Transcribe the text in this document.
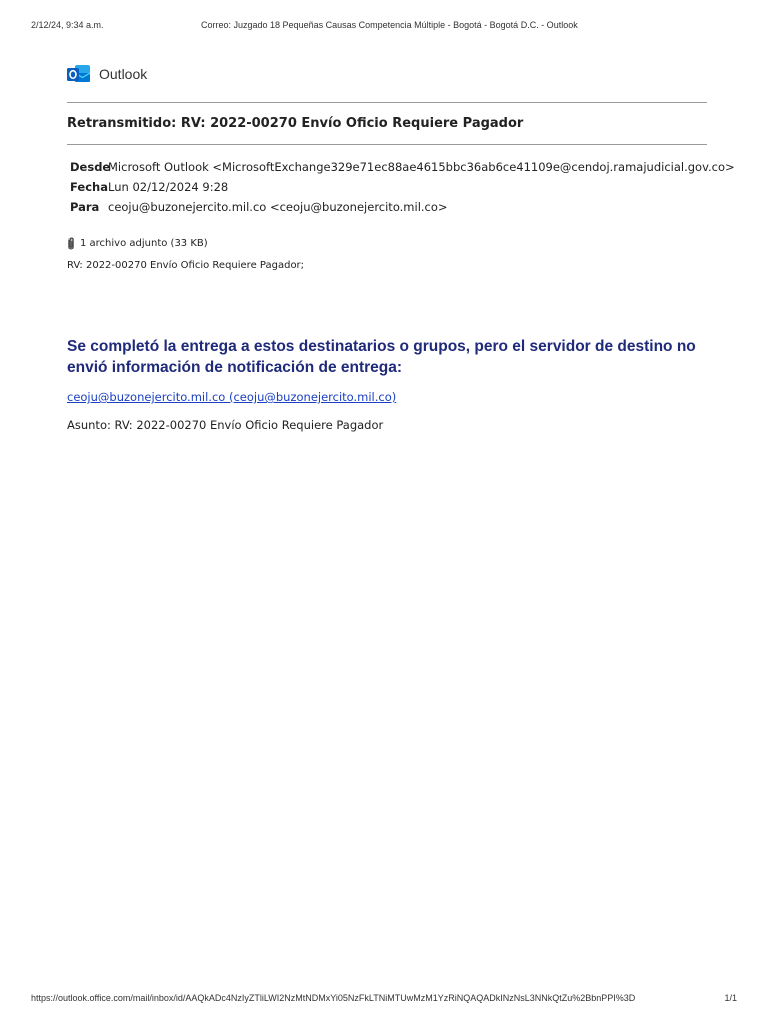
2/12/24, 9:34 a.m.	Correo: Juzgado 18 Pequeñas Causas Competencia Múltiple - Bogotá - Bogotá D.C. - Outlook
Outlook
Retransmitido: RV: 2022-00270 Envío Oficio Requiere Pagador
Desde
Microsoft Outlook <MicrosoftExchange329e71ec88ae4615bbc36ab6ce41109e@cendoj.ramajudicial.gov.co>
Fecha Lun 02/12/2024 9:28
Para ceoju@buzonejercito.mil.co <ceoju@buzonejercito.mil.co>
1 archivo adjunto (33 KB)
RV: 2022-00270 Envío Oficio Requiere Pagador;
Se completó la entrega a estos destinatarios o grupos, pero el servidor de destino no envió información de notificación de entrega:
ceoju@buzonejercito.mil.co (ceoju@buzonejercito.mil.co)
Asunto: RV: 2022-00270 Envío Oficio Requiere Pagador
https://outlook.office.com/mail/inbox/id/AAQkADc4NzIyZTliLWI2NzMtNDMxYi05NzFkLTNiMTUwMzM1YzRiNQAQADkINzNsL3NNkQtZu%2BbnPPI%3D	1/1
